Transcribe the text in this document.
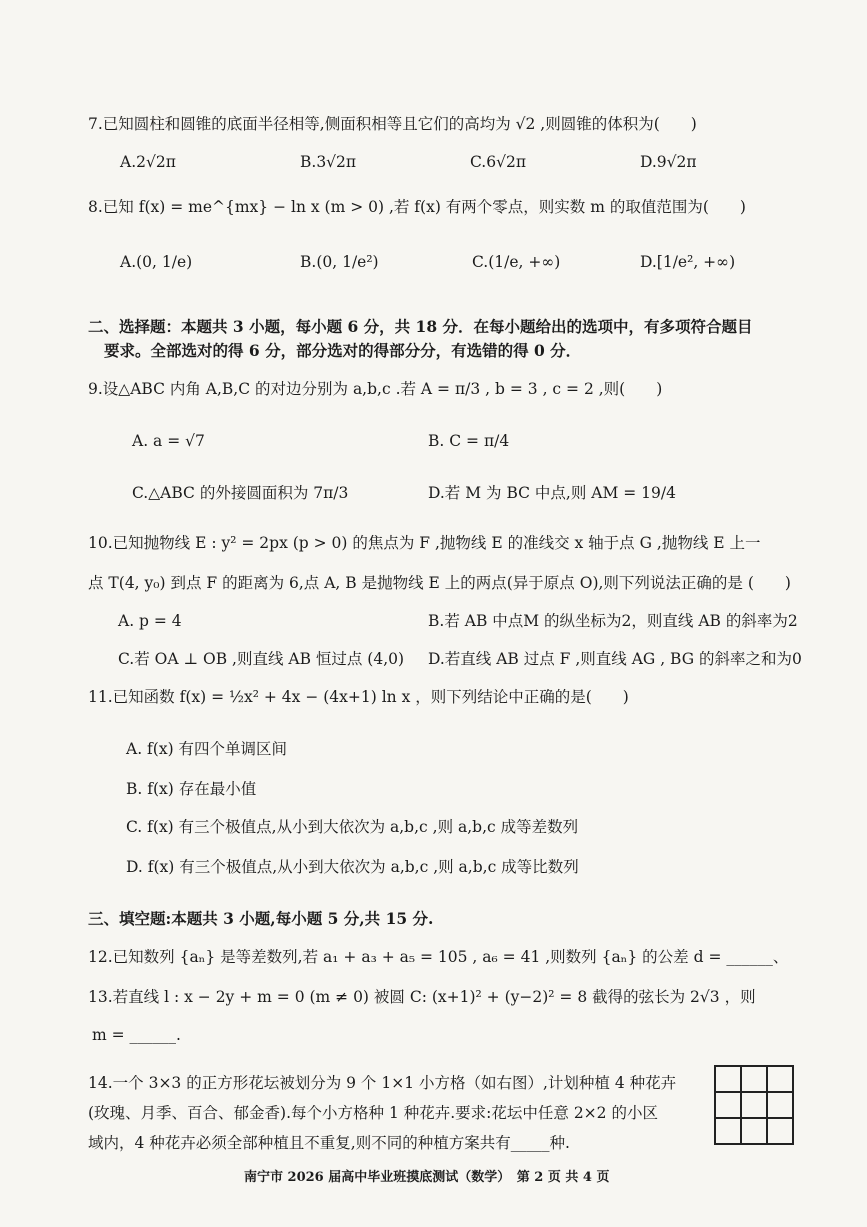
7.已知圆柱和圆锥的底面半径相等,侧面积相等且它们的高均为 √2 ,则圆锥的体积为(　　)
A.2√2π	B.3√2π	C.6√2π	D.9√2π
8.已知 f(x) = me^{mx} − ln x (m > 0) ,若 f(x) 有两个零点，则实数 m 的取值范围为(　　)
A.(0, 1/e)	B.(0, 1/e²)	C.(1/e, +∞)	D.[1/e², +∞)
二、选择题：本题共 3 小题，每小题 6 分，共 18 分．在每小题给出的选项中，有多项符合题目
要求。全部选对的得 6 分，部分选对的得部分分，有选错的得 0 分．
9.设△ABC 内角 A,B,C 的对边分别为 a,b,c .若 A = π/3 , b = 3 , c = 2 ,则(　　)
A. a = √7	B. C = π/4
C.△ABC 的外接圆面积为 7π/3	D.若 M 为 BC 中点,则 AM = 19/4
10.已知抛物线 E : y² = 2px (p > 0) 的焦点为 F ,抛物线 E 的准线交 x 轴于点 G ,抛物线 E 上一
点 T(4, y₀) 到点 F 的距离为 6,点 A, B 是抛物线 E 上的两点(异于原点 O),则下列说法正确的是 (　　)
A. p = 4	B.若 AB 中点M 的纵坐标为2，则直线 AB 的斜率为2
C.若 OA ⊥ OB ,则直线 AB 恒过点 (4,0) D.若直线 AB 过点 F ,则直线 AG , BG 的斜率之和为0
11.已知函数 f(x) = ½x² + 4x − (4x+1) ln x ，则下列结论中正确的是(　　)
A. f(x) 有四个单调区间
B. f(x) 存在最小值
C. f(x) 有三个极值点,从小到大依次为 a,b,c ,则 a,b,c 成等差数列
D. f(x) 有三个极值点,从小到大依次为 a,b,c ,则 a,b,c 成等比数列
三、填空题:本题共 3 小题,每小题 5 分,共 15 分.
12.已知数列 {aₙ} 是等差数列,若 a₁ + a₃ + a₅ = 105 , a₆ = 41 ,则数列 {aₙ} 的公差 d = ______、
13.若直线 l : x − 2y + m = 0 (m ≠ 0) 被圆 C: (x+1)² + (y−2)² = 8 截得的弦长为 2√3 ，则
m = ______.
14.一个 3×3 的正方形花坛被划分为 9 个 1×1 小方格（如右图）,计划种植 4 种花卉
(玫瑰、月季、百合、郁金香).每个小方格种 1 种花卉.要求:花坛中任意 2×2 的小区
域内，4 种花卉必须全部种植且不重复,则不同的种植方案共有_____种.
南宁市 2026 届高中毕业班摸底测试（数学）　第 2 页 共 4 页
